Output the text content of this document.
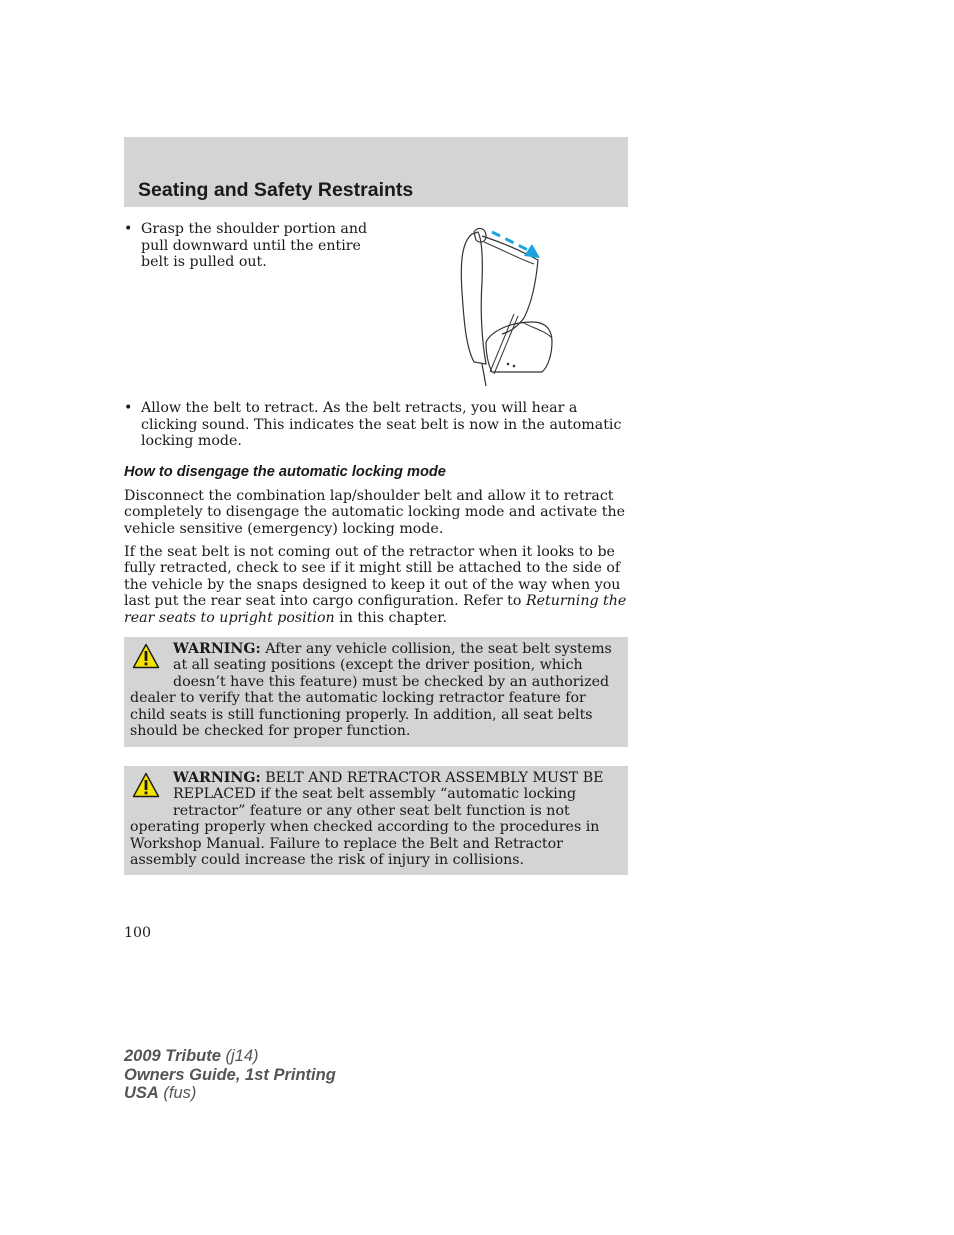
Seating and Safety Restraints
• Grasp the shoulder portion and pull downward until the entire belt is pulled out.
• Allow the belt to retract. As the belt retracts, you will hear a clicking sound. This indicates the seat belt is now in the automatic locking mode.
How to disengage the automatic locking mode

Disconnect the combination lap/shoulder belt and allow it to retract completely to disengage the automatic locking mode and activate the vehicle sensitive (emergency) locking mode.

If the seat belt is not coming out of the retractor when it looks to be fully retracted, check to see if it might still be attached to the side of the vehicle by the snaps designed to keep it out of the way when you last put the rear seat into cargo configuration. Refer to Returning the rear seats to upright position in this chapter.

WARNING: After any vehicle collision, the seat belt systems at all seating positions (except the driver position, which doesn’t have this feature) must be checked by an authorized dealer to verify that the automatic locking retractor feature for child seats is still functioning properly. In addition, all seat belts should be checked for proper function.

WARNING: BELT AND RETRACTOR ASSEMBLY MUST BE REPLACED if the seat belt assembly “automatic locking retractor” feature or any other seat belt function is not operating properly when checked according to the procedures in Workshop Manual. Failure to replace the Belt and Retractor assembly could increase the risk of injury in collisions.

100
2009 Tribute (j14)
Owners Guide, 1st Printing
USA (fus)
